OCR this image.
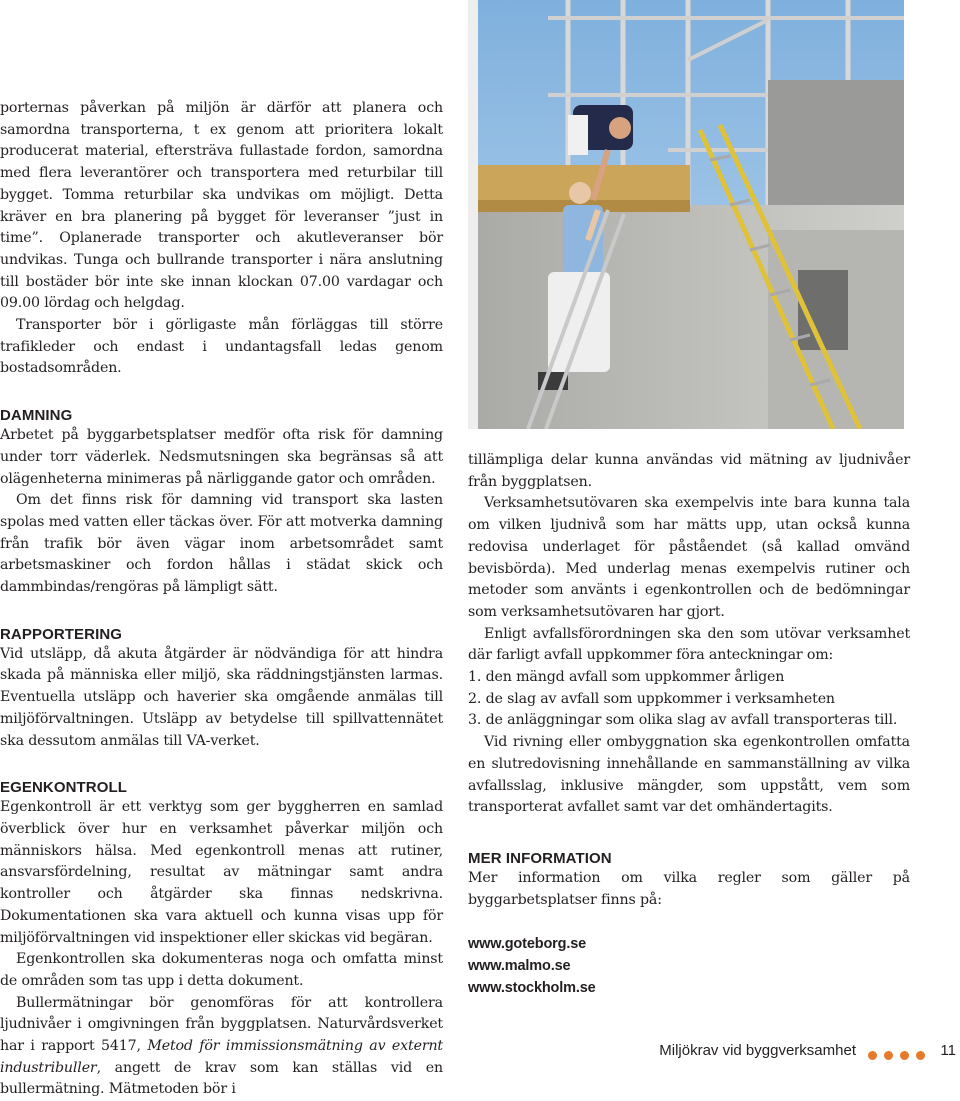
porternas påverkan på miljön är därför att planera och samordna transporterna, t ex genom att prioritera lokalt producerat material, eftersträva fullastade fordon, samordna med flera leverantörer och transportera med returbilar till bygget. Tomma returbilar ska undvikas om möjligt. Detta kräver en bra planering på bygget för leveranser ”just in time”. Oplanerade transporter och akutleveranser bör undvikas. Tunga och bullrande transporter i nära anslutning till bostäder bör inte ske innan klockan 07.00 vardagar och 09.00 lördag och helgdag.

Transporter bör i görligaste mån förläggas till större trafikleder och endast i undantagsfall ledas genom bostadsområden.

DAMNING

Arbetet på byggarbetsplatser medför ofta risk för damning under torr väderlek. Nedsmutsningen ska begränsas så att olägenheterna minimeras på närliggande gator och områden.

Om det finns risk för damning vid transport ska lasten spolas med vatten eller täckas över. För att motverka damning från trafik bör även vägar inom arbetsområdet samt arbetsmaskiner och fordon hållas i städat skick och dammbindas/rengöras på lämpligt sätt.

RAPPORTERING

Vid utsläpp, då akuta åtgärder är nödvändiga för att hindra skada på människa eller miljö, ska räddningstjänsten larmas. Eventuella utsläpp och haverier ska omgående anmälas till miljöförvaltningen. Utsläpp av betydelse till spillvattennätet ska dessutom anmälas till VA-verket.

EGENKONTROLL

Egenkontroll är ett verktyg som ger byggherren en samlad överblick över hur en verksamhet påverkar miljön och människors hälsa. Med egenkontroll menas att rutiner, ansvarsfördelning, resultat av mätningar samt andra kontroller och åtgärder ska finnas nedskrivna. Dokumentationen ska vara aktuell och kunna visas upp för miljöförvaltningen vid inspektioner eller skickas vid begäran.

Egenkontrollen ska dokumenteras noga och omfatta minst de områden som tas upp i detta dokument.

Bullermätningar bör genomföras för att kontrollera ljudnivåer i omgivningen från byggplatsen. Naturvårdsverket har i rapport 5417, Metod för immissionsmätning av externt industribuller, angett de krav som kan ställas vid en bullermätning. Mätmetoden bör i

tillämpliga delar kunna användas vid mätning av ljudnivåer från byggplatsen.

Verksamhetsutövaren ska exempelvis inte bara kunna tala om vilken ljudnivå som har mätts upp, utan också kunna redovisa underlaget för påståendet (så kallad omvänd bevisbörda). Med underlag menas exempelvis rutiner och metoder som använts i egenkontrollen och de bedömningar som verksamhetsutövaren har gjort.

Enligt avfallsförordningen ska den som utövar verksamhet där farligt avfall uppkommer föra anteckningar om:

1. den mängd avfall som uppkommer årligen
2. de slag av avfall som uppkommer i verksamheten
3. de anläggningar som olika slag av avfall transporteras till.

Vid rivning eller ombyggnation ska egenkontrollen omfatta en slutredovisning innehållande en sammanställning av vilka avfallsslag, inklusive mängder, som uppstått, vem som transporterat avfallet samt var det omhändertagits.

MER INFORMATION

Mer information om vilka regler som gäller på byggarbetsplatser finns på:

www.goteborg.se
www.malmo.se
www.stockholm.se
Miljökrav vid byggverksamhet	11
